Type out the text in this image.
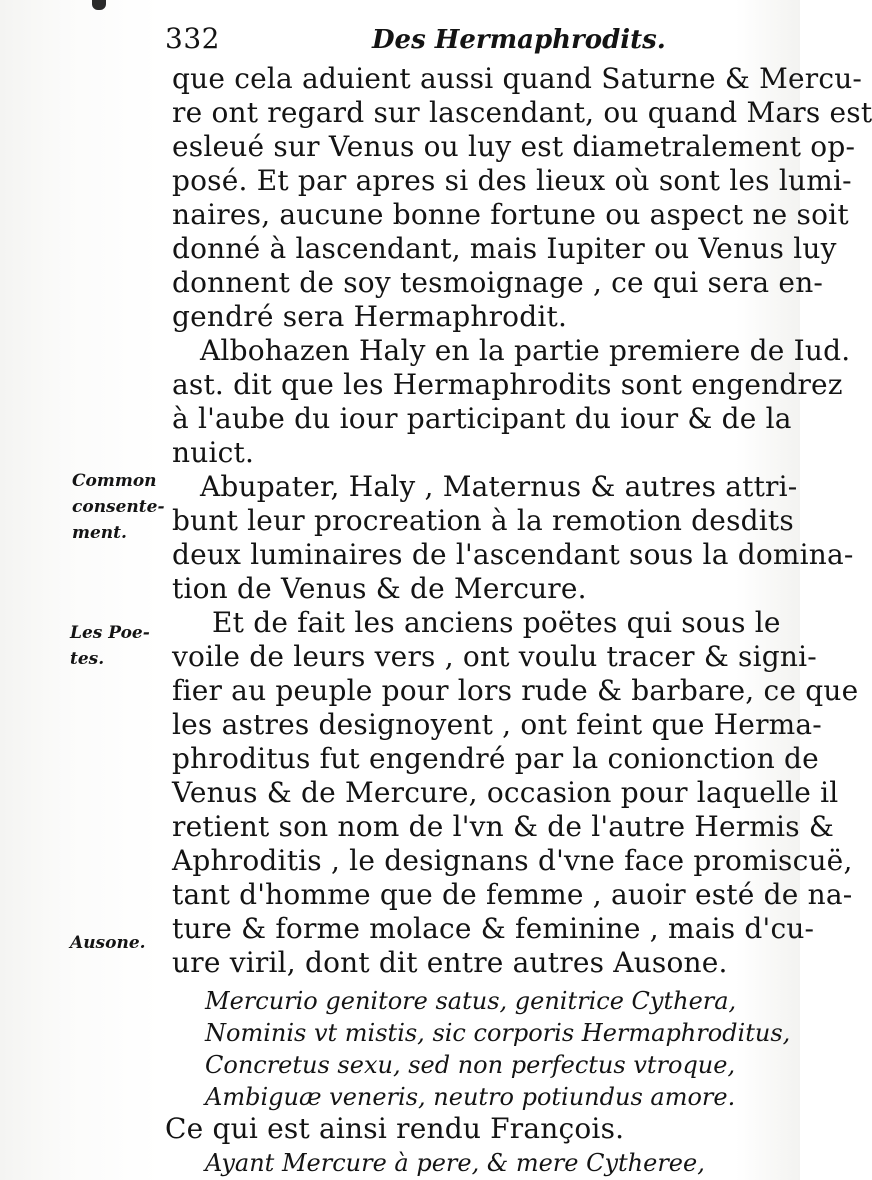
332	Des Hermaphrodits.
que cela aduient aussi quand Saturne & Mercu-
re ont regard sur lascendant, ou quand Mars est
esleué sur Venus ou luy est diametralement op-
posé. Et par apres si des lieux où sont les lumi-
naires, aucune bonne fortune ou aspect ne soit
donné à lascendant, mais Iupiter ou Venus luy
donnent de soy tesmoignage , ce qui sera en-
gendré sera Hermaphrodit.
Albohazen Haly en la partie premiere de Iud.
ast. dit que les Hermaphrodits sont engendrez
à l'aube du iour participant du iour & de la
nuict.
Abupater, Haly , Maternus & autres attri-
bunt leur procreation à la remotion desdits
deux luminaires de l'ascendant sous la domina-
tion de Venus & de Mercure.
Et de fait les anciens poëtes qui sous le
voile de leurs vers , ont voulu tracer & signi-
fier au peuple pour lors rude & barbare, ce que
les astres designoyent , ont feint que Herma-
phroditus fut engendré par la conionction de
Venus & de Mercure, occasion pour laquelle il
retient son nom de l'vn & de l'autre Hermis &
Aphroditis , le designans d'vne face promiscuë,
tant d'homme que de femme , auoir esté de na-
ture & forme molace & feminine , mais d'cu-
ure viril, dont dit entre autres Ausone.
Mercurio genitore satus, genitrice Cythera,
Nominis vt mistis, sic corporis Hermaphroditus,
Concretus sexu, sed non perfectus vtroque,
Ambiguæ veneris, neutro potiundus amore.
Ce qui est ainsi rendu François.
Ayant Mercure à pere, & mere Cytheree,
Common
consente-
ment.
Les Poe-
tes.
Ausone.
